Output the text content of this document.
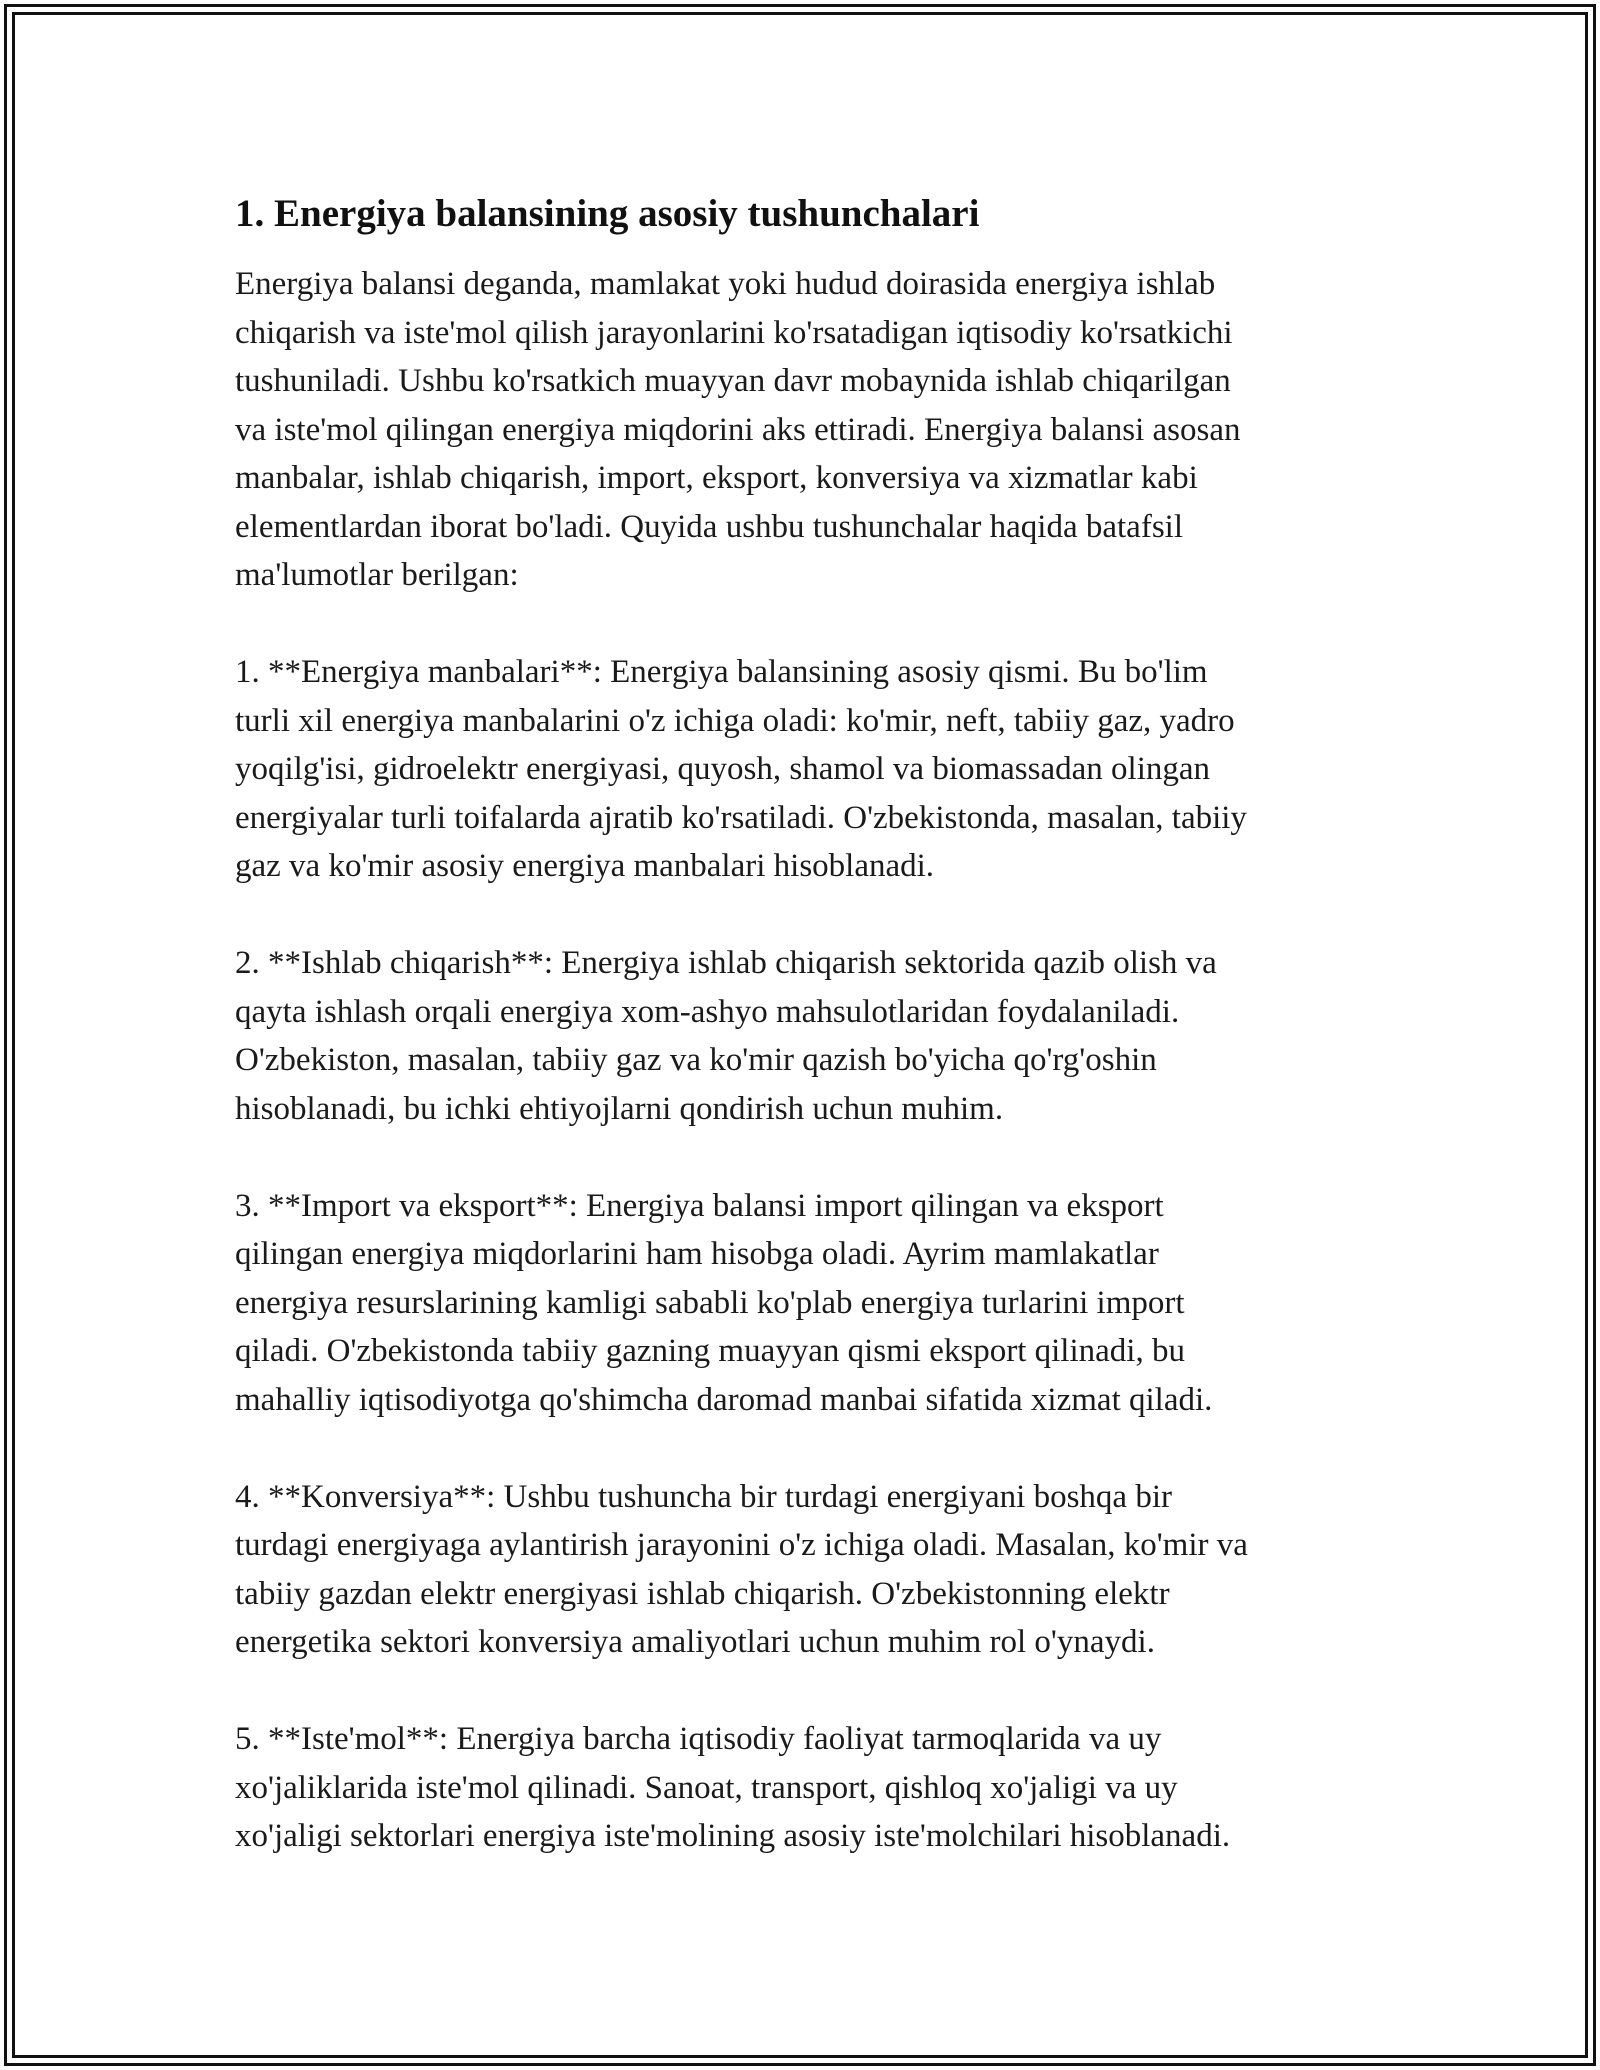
1. Energiya balansining asosiy tushunchalari

Energiya balansi deganda, mamlakat yoki hudud doirasida energiya ishlab
chiqarish va iste'mol qilish jarayonlarini ko'rsatadigan iqtisodiy ko'rsatkichi
tushuniladi. Ushbu ko'rsatkich muayyan davr mobaynida ishlab chiqarilgan
va iste'mol qilingan energiya miqdorini aks ettiradi. Energiya balansi asosan
manbalar, ishlab chiqarish, import, eksport, konversiya va xizmatlar kabi
elementlardan iborat bo'ladi. Quyida ushbu tushunchalar haqida batafsil
ma'lumotlar berilgan:

1. **Energiya manbalari**: Energiya balansining asosiy qismi. Bu bo'lim
turli xil energiya manbalarini o'z ichiga oladi: ko'mir, neft, tabiiy gaz, yadro
yoqilg'isi, gidroelektr energiyasi, quyosh, shamol va biomassadan olingan
energiyalar turli toifalarda ajratib ko'rsatiladi. O'zbekistonda, masalan, tabiiy
gaz va ko'mir asosiy energiya manbalari hisoblanadi.

2. **Ishlab chiqarish**: Energiya ishlab chiqarish sektorida qazib olish va
qayta ishlash orqali energiya xom-ashyo mahsulotlaridan foydalaniladi.
O'zbekiston, masalan, tabiiy gaz va ko'mir qazish bo'yicha qo'rg'oshin
hisoblanadi, bu ichki ehtiyojlarni qondirish uchun muhim.

3. **Import va eksport**: Energiya balansi import qilingan va eksport
qilingan energiya miqdorlarini ham hisobga oladi. Ayrim mamlakatlar
energiya resurslarining kamligi sababli ko'plab energiya turlarini import
qiladi. O'zbekistonda tabiiy gazning muayyan qismi eksport qilinadi, bu
mahalliy iqtisodiyotga qo'shimcha daromad manbai sifatida xizmat qiladi.

4. **Konversiya**: Ushbu tushuncha bir turdagi energiyani boshqa bir
turdagi energiyaga aylantirish jarayonini o'z ichiga oladi. Masalan, ko'mir va
tabiiy gazdan elektr energiyasi ishlab chiqarish. O'zbekistonning elektr
energetika sektori konversiya amaliyotlari uchun muhim rol o'ynaydi.

5. **Iste'mol**: Energiya barcha iqtisodiy faoliyat tarmoqlarida va uy
xo'jaliklarida iste'mol qilinadi. Sanoat, transport, qishloq xo'jaligi va uy
xo'jaligi sektorlari energiya iste'molining asosiy iste'molchilari hisoblanadi.
